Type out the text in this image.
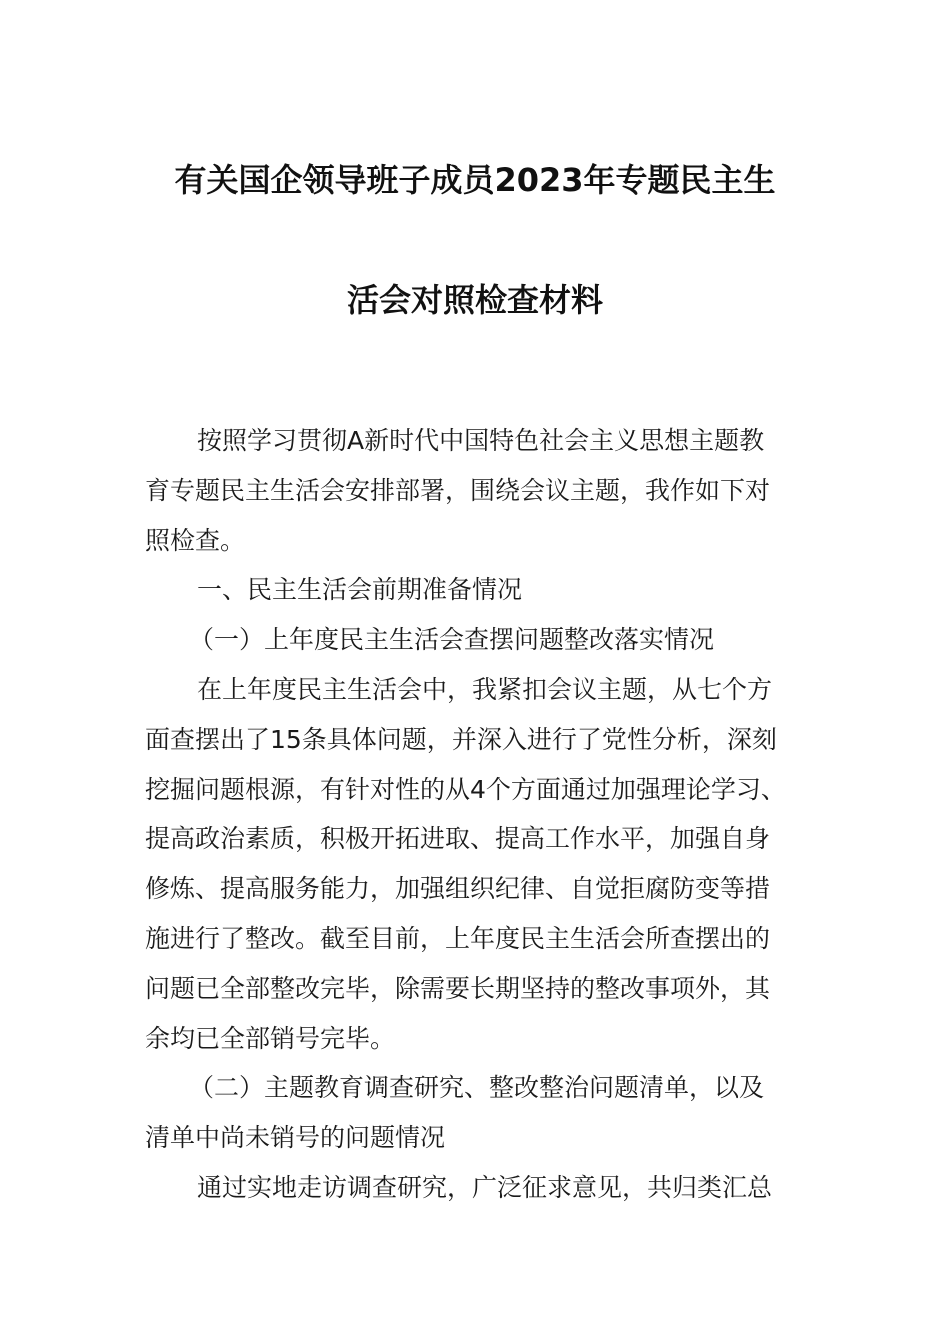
有关国企领导班子成员2023年专题民主生
活会对照检查材料
按照学习贯彻A新时代中国特色社会主义思想主题教
育专题民主生活会安排部署，围绕会议主题，我作如下对
照检查。
一、民主生活会前期准备情况
（一）上年度民主生活会查摆问题整改落实情况
在上年度民主生活会中，我紧扣会议主题，从七个方
面查摆出了15条具体问题，并深入进行了党性分析，深刻
挖掘问题根源，有针对性的从4个方面通过加强理论学习、
提高政治素质，积极开拓进取、提高工作水平，加强自身
修炼、提高服务能力，加强组织纪律、自觉拒腐防变等措
施进行了整改。截至目前，上年度民主生活会所查摆出的
问题已全部整改完毕，除需要长期坚持的整改事项外，其
余均已全部销号完毕。
（二）主题教育调查研究、整改整治问题清单，以及
清单中尚未销号的问题情况
通过实地走访调查研究，广泛征求意见，共归类汇总
